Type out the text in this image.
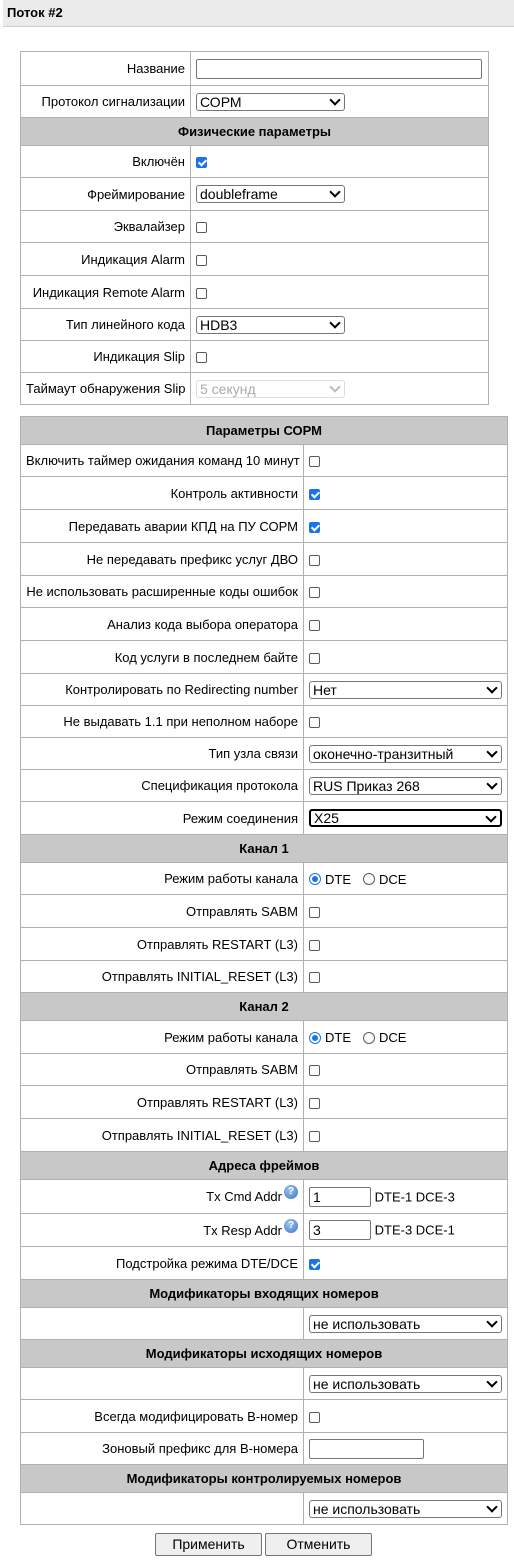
Поток #2
Название	
Протокол сигнализации	СОРМ

Физические параметры	
Включён	
Фреймирование	doubleframe

Эквалайзер	
Индикация Alarm	
Индикация Remote Alarm	
Тип линейного кода	HDB3

Индикация Slip	
Таймаут обнаружения Slip	5 секунд
Параметры СОРМ	
Включить таймер ожидания команд 10 минут	
Контроль активности	
Передавать аварии КПД на ПУ СОРМ	
Не передавать префикс услуг ДВО	
Не использовать расширенные коды ошибок	
Анализ кода выбора оператора	
Код услуги в последнем байте	
Контролировать по Redirecting number	Нет

Не выдавать 1.1 при неполном наборе	
Тип узла связи	оконечно-транзитный

Спецификация протокола	RUS Приказ 268

Режим соединения	X25

Канал 1	
Режим работы канала	DTE DCE
Отправлять SABM	
Отправлять RESTART (L3)	
Отправлять INITIAL_RESET (L3)	
Канал 2	
Режим работы канала	DTE DCE
Отправлять SABM	
Отправлять RESTART (L3)	
Отправлять INITIAL_RESET (L3)	
Адреса фреймов	
Tx Cmd Addr ?	1 DTE-1 DCE-3
Tx Resp Addr ?	3 DTE-3 DCE-1
Подстройка режима DTE/DCE	
Модификаторы входящих номеров	
	не использовать

Модификаторы исходящих номеров	
	не использовать

Всегда модифицировать B-номер	
Зоновый префикс для B-номера	
Модификаторы контролируемых номеров	
	не использовать
Применить	Отменить
